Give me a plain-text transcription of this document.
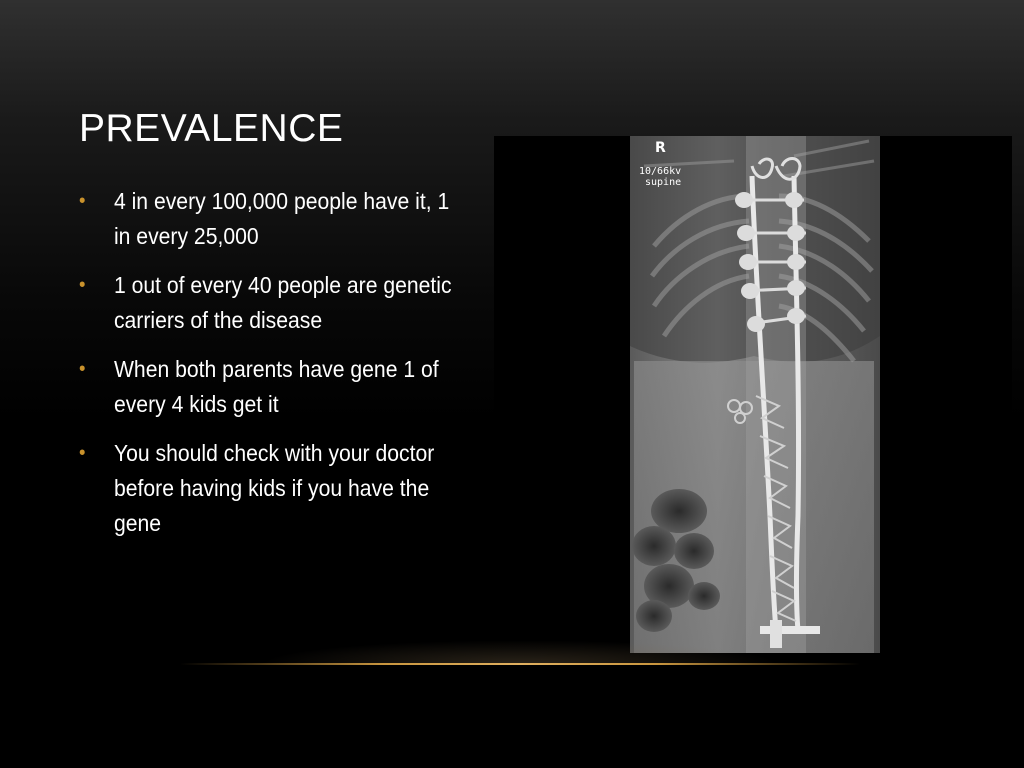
PREVALENCE
• 4 in every 100,000 people have it, 1 in every 25,000
• 1 out of every 40 people are genetic carriers of the disease
• When both parents have gene 1 of every 4 kids get it
• You should check with your doctor before having kids if you have the gene
R
10/66kv
supine
